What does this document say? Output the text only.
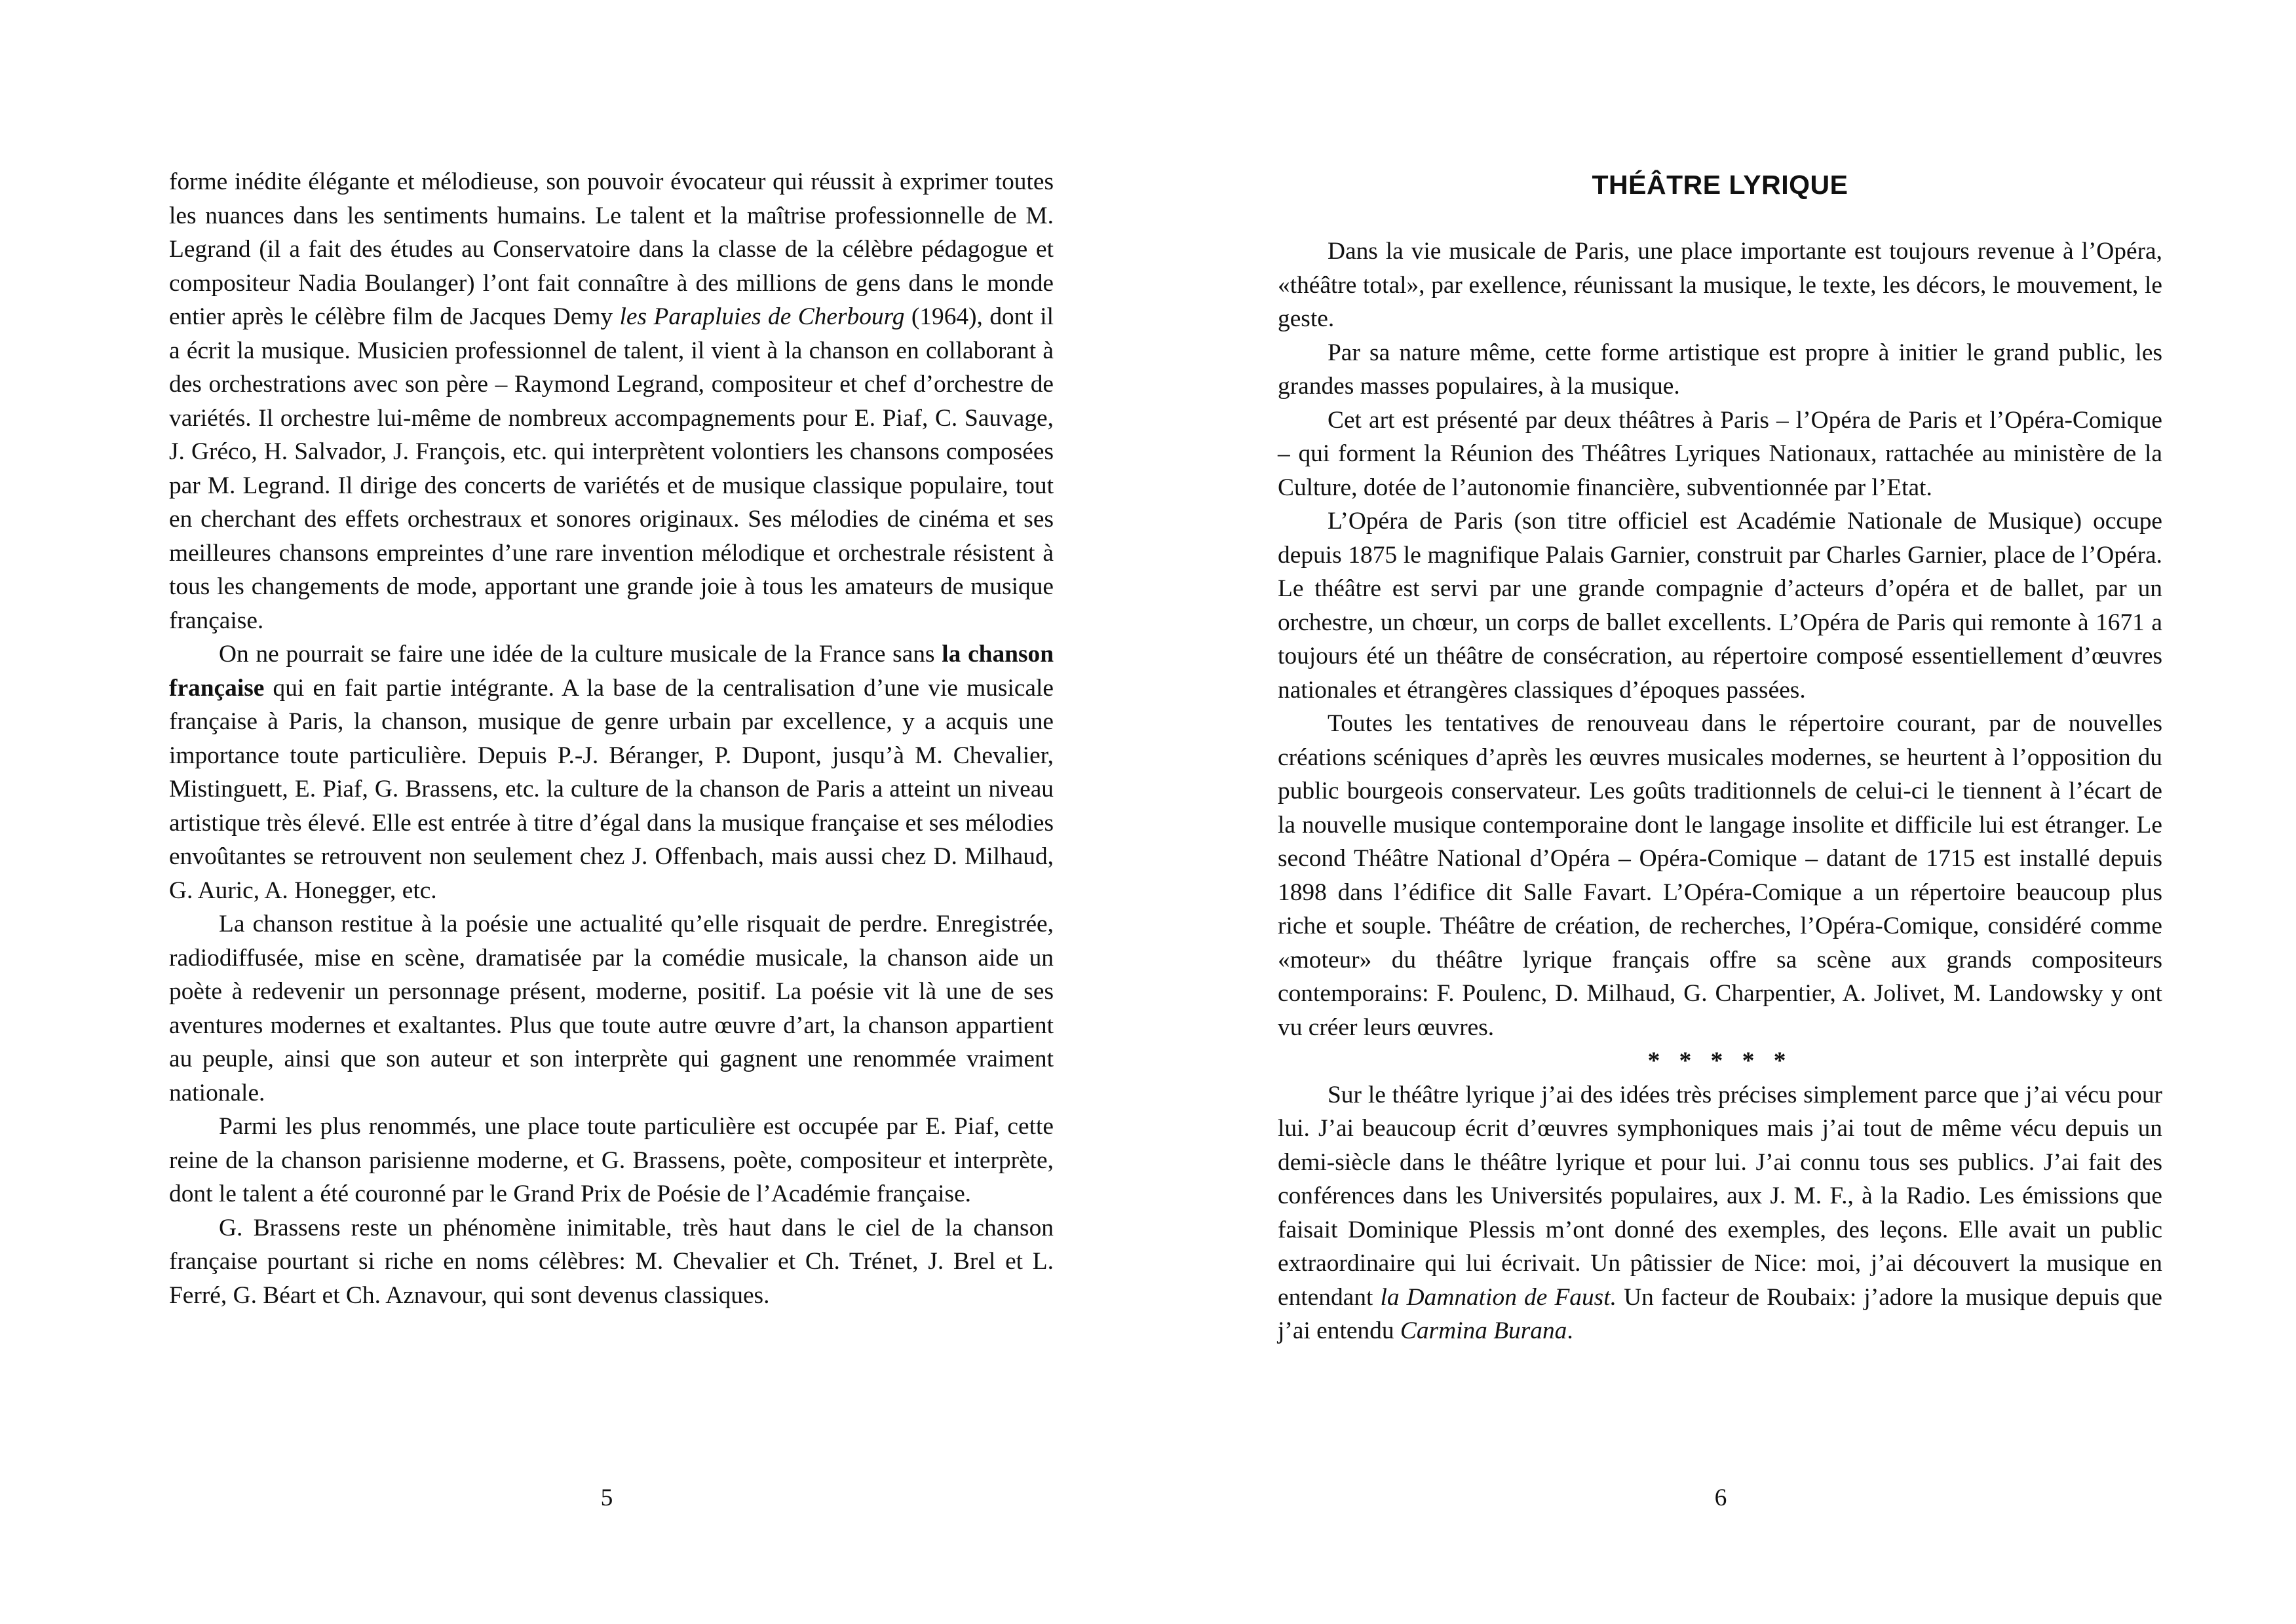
forme inédite élégante et mélodieuse, son pouvoir évocateur qui réussit à exprimer toutes les nuances dans les sentiments humains. Le talent et la maîtrise professionnelle de M. Legrand (il a fait des études au Conservatoire dans la classe de la célèbre pédagogue et compositeur Nadia Boulanger) l’ont fait connaître à des millions de gens dans le monde entier après le célèbre film de Jacques Demy les Parapluies de Cherbourg (1964), dont il a écrit la musique. Musicien professionnel de talent, il vient à la chanson en collaborant à des orchestrations avec son père – Raymond Legrand, compositeur et chef d’orchestre de variétés. Il orchestre lui-même de nombreux accompagnements pour E. Piaf, C. Sauvage, J. Gréco, H. Salvador, J. François, etc. qui interprètent volontiers les chansons composées par M. Legrand. Il dirige des concerts de variétés et de musique classique populaire, tout en cherchant des effets orchestraux et sonores originaux. Ses mélodies de cinéma et ses meilleures chansons empreintes d’une rare invention mélodique et orchestrale résistent à tous les changements de mode, apportant une grande joie à tous les amateurs de musique française.

On ne pourrait se faire une idée de la culture musicale de la France sans la chanson française qui en fait partie intégrante. A la base de la centralisation d’une vie musicale française à Paris, la chanson, musique de genre urbain par excellence, y a acquis une importance toute particulière. Depuis P.-J. Béranger, P. Dupont, jusqu’à M. Chevalier, Mistinguett, E. Piaf, G. Brassens, etc. la culture de la chanson de Paris a atteint un niveau artistique très élevé. Elle est entrée à titre d’égal dans la musique française et ses mélodies envoûtantes se retrouvent non seulement chez J. Offenbach, mais aussi chez D. Milhaud, G. Auric, A. Honegger, etc.

La chanson restitue à la poésie une actualité qu’elle risquait de perdre. Enregistrée, radiodiffusée, mise en scène, dramatisée par la comédie musicale, la chanson aide un poète à redevenir un personnage présent, moderne, positif. La poésie vit là une de ses aventures modernes et exaltantes. Plus que toute autre œuvre d’art, la chanson appartient au peuple, ainsi que son auteur et son interprète qui gagnent une renommée vraiment nationale.

Parmi les plus renommés, une place toute particulière est occupée par E. Piaf, cette reine de la chanson parisienne moderne, et G. Brassens, poète, compositeur et interprète, dont le talent a été couronné par le Grand Prix de Poésie de l’Académie française.

G. Brassens reste un phénomène inimitable, très haut dans le ciel de la chanson française pourtant si riche en noms célèbres: M. Chevalier et Ch. Trénet, J. Brel et L. Ferré, G. Béart et Ch. Aznavour, qui sont devenus classiques.

5
THÉÂTRE LYRIQUE

Dans la vie musicale de Paris, une place importante est toujours revenue à l’Opéra, «théâtre total», par exellence, réunissant la musique, le texte, les décors, le mouvement, le geste.

Par sa nature même, cette forme artistique est propre à initier le grand public, les grandes masses populaires, à la musique.

Cet art est présenté par deux théâtres à Paris – l’Opéra de Paris et l’Opéra-Comique – qui forment la Réunion des Théâtres Lyriques Nationaux, rattachée au ministère de la Culture, dotée de l’autonomie financière, subventionnée par l’Etat.

L’Opéra de Paris (son titre officiel est Académie Nationale de Musique) occupe depuis 1875 le magnifique Palais Garnier, construit par Charles Garnier, place de l’Opéra. Le théâtre est servi par une grande compagnie d’acteurs d’opéra et de ballet, par un orchestre, un chœur, un corps de ballet excellents. L’Opéra de Paris qui remonte à 1671 a toujours été un théâtre de consécration, au répertoire composé essentiellement d’œuvres nationales et étrangères classiques d’époques passées.

Toutes les tentatives de renouveau dans le répertoire courant, par de nouvelles créations scéniques d’après les œuvres musicales modernes, se heurtent à l’opposition du public bourgeois conservateur. Les goûts traditionnels de celui-ci le tiennent à l’écart de la nouvelle musique contemporaine dont le langage insolite et difficile lui est étranger. Le second Théâtre National d’Opéra – Opéra-Comique – datant de 1715 est installé depuis 1898 dans l’édifice dit Salle Favart. L’Opéra-Comique a un répertoire beaucoup plus riche et souple. Théâtre de création, de recherches, l’Opéra-Comique, considéré comme «moteur» du théâtre lyrique français offre sa scène aux grands compositeurs contemporains: F. Poulenc, D. Milhaud, G. Charpentier, A. Jolivet, M. Landowsky y ont vu créer leurs œuvres.

* * * * *

Sur le théâtre lyrique j’ai des idées très précises simplement parce que j’ai vécu pour lui. J’ai beaucoup écrit d’œuvres symphoniques mais j’ai tout de même vécu depuis un demi-siècle dans le théâtre lyrique et pour lui. J’ai connu tous ses publics. J’ai fait des conférences dans les Universités populaires, aux J. M. F., à la Radio. Les émissions que faisait Dominique Plessis m’ont donné des exemples, des leçons. Elle avait un public extraordinaire qui lui écrivait. Un pâtissier de Nice: moi, j’ai découvert la musique en entendant la Damnation de Faust. Un facteur de Roubaix: j’adore la musique depuis que j’ai entendu Carmina Burana.

6
